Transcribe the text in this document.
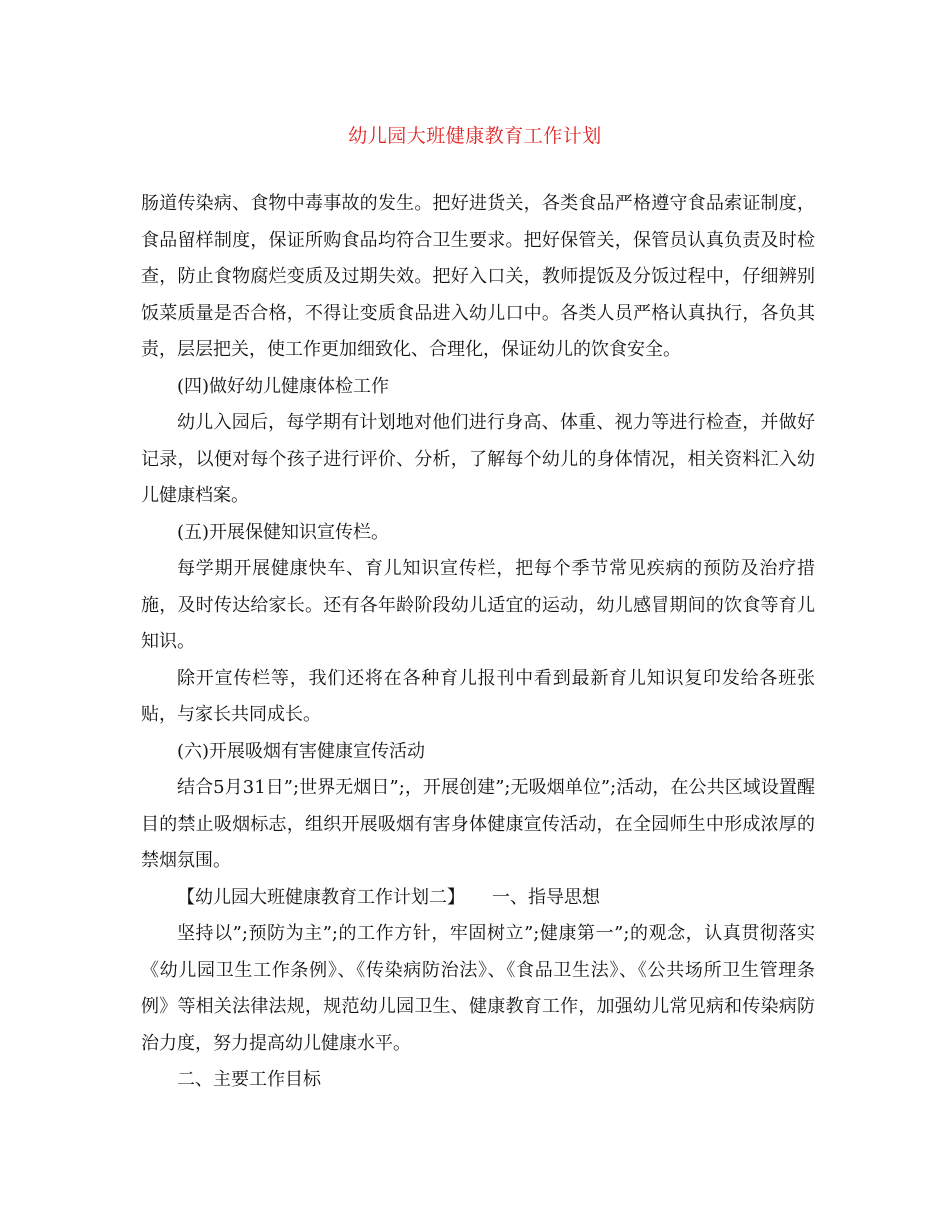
幼儿园大班健康教育工作计划

肠道传染病、食物中毒事故的发生。把好进货关，各类食品严格遵守食品索证制度，食品留样制度，保证所购食品均符合卫生要求。把好保管关，保管员认真负责及时检查，防止食物腐烂变质及过期失效。把好入口关，教师提饭及分饭过程中，仔细辨别饭菜质量是否合格，不得让变质食品进入幼儿口中。各类人员严格认真执行，各负其责，层层把关，使工作更加细致化、合理化，保证幼儿的饮食安全。

(四)做好幼儿健康体检工作

幼儿入园后，每学期有计划地对他们进行身高、体重、视力等进行检查，并做好记录，以便对每个孩子进行评价、分析，了解每个幼儿的身体情况，相关资料汇入幼儿健康档案。

(五)开展保健知识宣传栏。

每学期开展健康快车、育儿知识宣传栏，把每个季节常见疾病的预防及治疗措施，及时传达给家长。还有各年龄阶段幼儿适宜的运动，幼儿感冒期间的饮食等育儿知识。

除开宣传栏等，我们还将在各种育儿报刊中看到最新育儿知识复印发给各班张贴，与家长共同成长。

(六)开展吸烟有害健康宣传活动

结合5月31日”;世界无烟日”;，开展创建”;无吸烟单位”;活动，在公共区域设置醒目的禁止吸烟标志，组织开展吸烟有害身体健康宣传活动，在全园师生中形成浓厚的禁烟氛围。

【幼儿园大班健康教育工作计划二】　　一、指导思想

坚持以”;预防为主”;的工作方针，牢固树立”;健康第一”;的观念，认真贯彻落实《幼儿园卫生工作条例》、《传染病防治法》、《食品卫生法》、《公共场所卫生管理条例》等相关法律法规，规范幼儿园卫生、健康教育工作，加强幼儿常见病和传染病防治力度，努力提高幼儿健康水平。

二、主要工作目标
